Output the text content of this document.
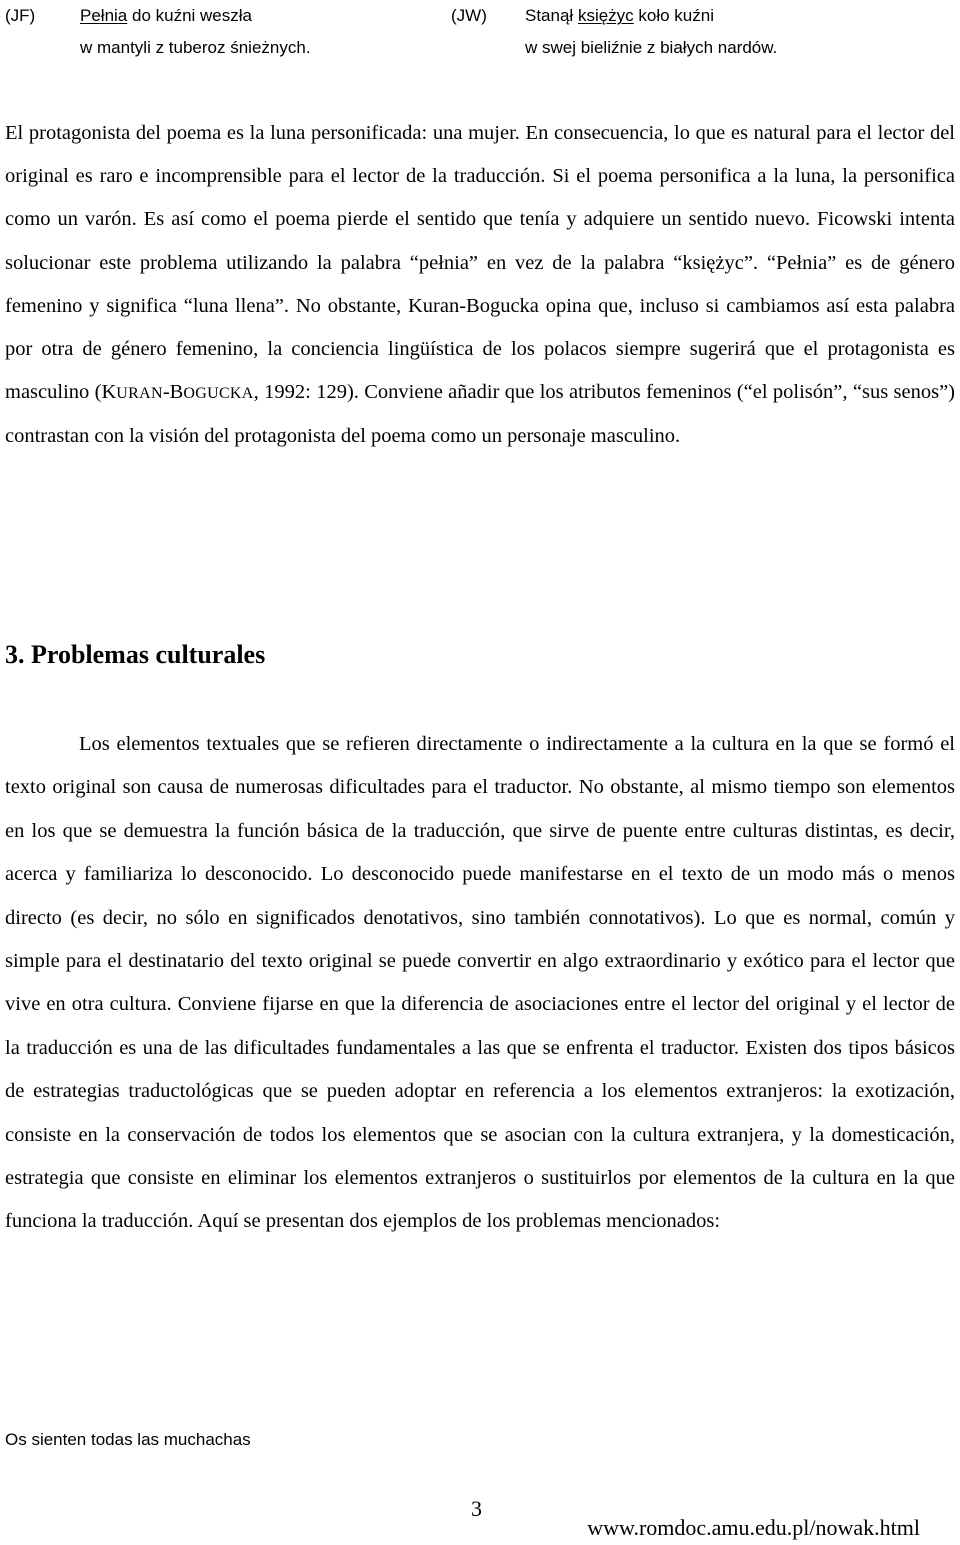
(JF)	Pełnia do kuźni weszła
w mantyli z tuberoz śnieżnych.
(JW) Stanął księżyc koło kuźni
w swej bieliźnie z białych nardów.

El protagonista del poema es la luna personificada: una mujer. En consecuencia, lo que es natural para el lector del original es raro e incomprensible para el lector de la traducción. Si el poema personifica a la luna, la personifica como un varón. Es así como el poema pierde el sentido que tenía y adquiere un sentido nuevo. Ficowski intenta solucionar este problema utilizando la palabra “pełnia” en vez de la palabra “księżyc”. “Pełnia” es de género femenino y significa “luna llena”. No obstante, Kuran-Bogucka opina que, incluso si cambiamos así esta palabra por otra de género femenino, la conciencia lingüística de los polacos siempre sugerirá que el protagonista es masculino (KURAN-BOGUCKA, 1992: 129). Conviene añadir que los atributos femeninos (“el polisón”, “sus senos”) contrastan con la visión del protagonista del poema como un personaje masculino.

3. Problemas culturales

Los elementos textuales que se refieren directamente o indirectamente a la cultura en la que se formó el texto original son causa de numerosas dificultades para el traductor. No obstante, al mismo tiempo son elementos en los que se demuestra la función básica de la traducción, que sirve de puente entre culturas distintas, es decir, acerca y familiariza lo desconocido. Lo desconocido puede manifestarse en el texto de un modo más o menos directo (es decir, no sólo en significados denotativos, sino también connotativos). Lo que es normal, común y simple para el destinatario del texto original se puede convertir en algo extraordinario y exótico para el lector que vive en otra cultura. Conviene fijarse en que la diferencia de asociaciones entre el lector del original y el lector de la traducción es una de las dificultades fundamentales a las que se enfrenta el traductor. Existen dos tipos básicos de estrategias traductológicas que se pueden adoptar en referencia a los elementos extranjeros: la exotización, consiste en la conservación de todos los elementos que se asocian con la cultura extranjera, y la domesticación, estrategia que consiste en eliminar los elementos extranjeros o sustituirlos por elementos de la cultura en la que funciona la traducción. Aquí se presentan dos ejemplos de los problemas mencionados:

Os sienten todas las muchachas
3
www.romdoc.amu.edu.pl/nowak.html
